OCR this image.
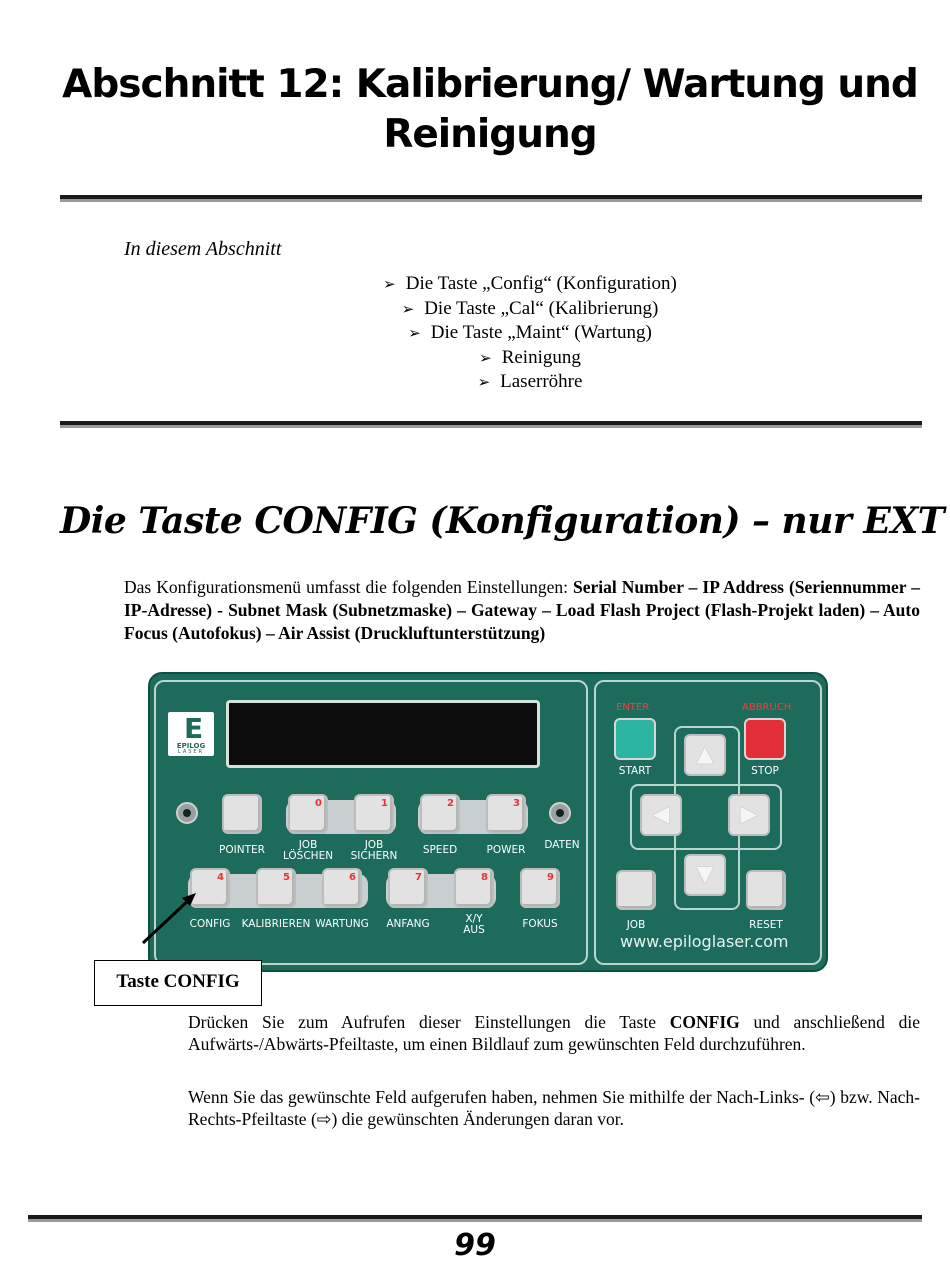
Abschnitt 12: Kalibrierung/ Wartung und
Reinigung
In diesem Abschnitt
➢ Die Taste „Config“ (Konfiguration)
➢ Die Taste „Cal“ (Kalibrierung)
➢ Die Taste „Maint“ (Wartung)
➢ Reinigung
➢ Laserröhre
Die Taste CONFIG (Konfiguration) – nur EXT

Das Konfigurationsmenü umfasst die folgenden Einstellungen: Serial Number – IP Address (Seriennummer – IP-Adresse) - Subnet Mask (Subnetzmaske) – Gateway – Load Flash Project (Flash-Projekt laden) – Auto Focus (Autofokus) – Air Assist (Druckluftunterstützung)

E
EPILOG
LASER
POINTER
0
JOB
LÖSCHEN
1
JOB
SICHERN
2
SPEED
3
POWER	DATEN
4
CONFIG
5
KALIBRIEREN
6
WARTUNG
7
ANFANG
8
X/Y
AUS
9
FOKUS
ENTER	ABBRUCH
START	STOP
▲
◀	▶
▼
JOB	RESET
www.epiloglaser.com
Taste CONFIG

Drücken Sie zum Aufrufen dieser Einstellungen die Taste CONFIG und anschließend die Aufwärts-/Abwärts-Pfeiltaste, um einen Bildlauf zum gewünschten Feld durchzuführen.

Wenn Sie das gewünschte Feld aufgerufen haben, nehmen Sie mithilfe der Nach-Links- (⇦) bzw. Nach-Rechts-Pfeiltaste (⇨) die gewünschten Änderungen daran vor.

99
